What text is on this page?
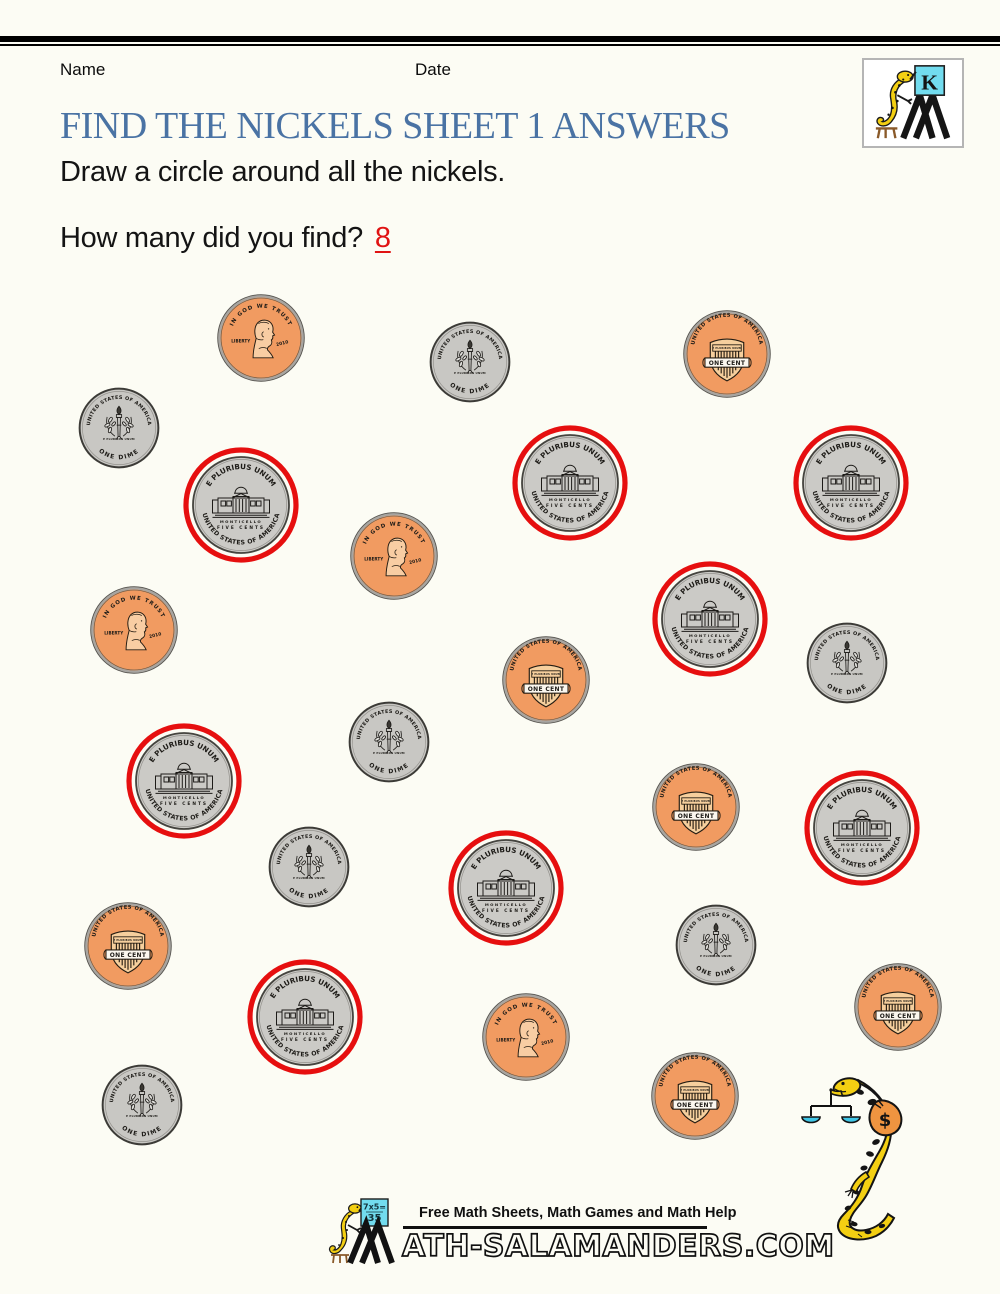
Name	Date
K
FIND THE NICKELS SHEET 1 ANSWERS
Draw a circle around all the nickels.
How many did you find? 8
$
7x5=
35	Free Math Sheets, Math Games and Math Help
ATH-SALAMANDERS.COM
